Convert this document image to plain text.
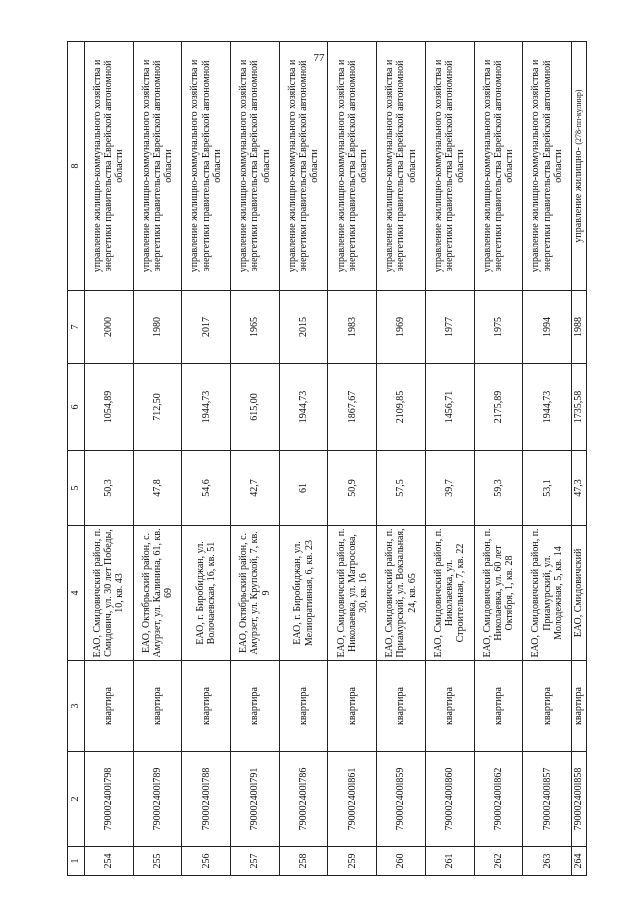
77
1	2	3	4	5	6	7	8
254	790002400l798	квартира	ЕАО, Смидовичский район, п. Смидович, ул. 30 лет Победы, 10, кв. 43	50,3	1054,89	2000	управление жилищно-коммунального хозяйства и энергетики правительства Еврейской автономной области
255	790002400l789	квартира	ЕАО, Октябрьский район, с. Амурзет, ул. Калинина, 61, кв. 69	47,8	712,50	1980	управление жилищно-коммунального хозяйства и энергетики правительства Еврейской автономной области
256	790002400l788	квартира	ЕАО, г. Биробиджан, ул. Волочаевская, 16, кв. 51	54,6	1944,73	2017	управление жилищно-коммунального хозяйства и энергетики правительства Еврейской автономной области
257	790002400l791	квартира	ЕАО, Октябрьский район, с. Амурзет, ул. Крупской, 7, кв. 9	42,7	615,00	1965	управление жилищно-коммунального хозяйства и энергетики правительства Еврейской автономной области
258	790002400l786	квартира	ЕАО, г. Биробиджан, ул. Мелиоративная, 6, кв. 23	61	1944,73	2015	управление жилищно-коммунального хозяйства и энергетики правительства Еврейской автономной области
259	790002400l861	квартира	ЕАО, Смидовичский район, п. Николаевка, ул. Матросова, 30, кв. 16	50,9	1867,67	1983	управление жилищно-коммунального хозяйства и энергетики правительства Еврейской автономной области
260	790002400l859	квартира	ЕАО, Смидовичский район, п. Приамурский, ул. Вокзальная, 24, кв. 65	57,5	2109,85	1969	управление жилищно-коммунального хозяйства и энергетики правительства Еврейской автономной области
261	790002400l860	квартира	ЕАО, Смидовичский район, п. Николаевка, ул. Строительная, 7, кв. 22	39,7	1456,71	1977	управление жилищно-коммунального хозяйства и энергетики правительства Еврейской автономной области
262	790002400l862	квартира	ЕАО, Смидовичский район, п. Николаевка, ул. 60 лет Октября, 1, кв. 28	59,3	2175,89	1975	управление жилищно-коммунального хозяйства и энергетики правительства Еврейской автономной области
263	790002400l857	квартира	ЕАО, Смидовичский район, п. Приамурский, ул. Молодежная, 5, кв. 14	53,1	1944,73	1994	управление жилищно-коммунального хозяйства и энергетики правительства Еврейской автономной области
264	790002400l858	квартира	ЕАО, Смидовичский	47,3	1735,58	1988	управление жилищно- (278-пп-кулинр)
